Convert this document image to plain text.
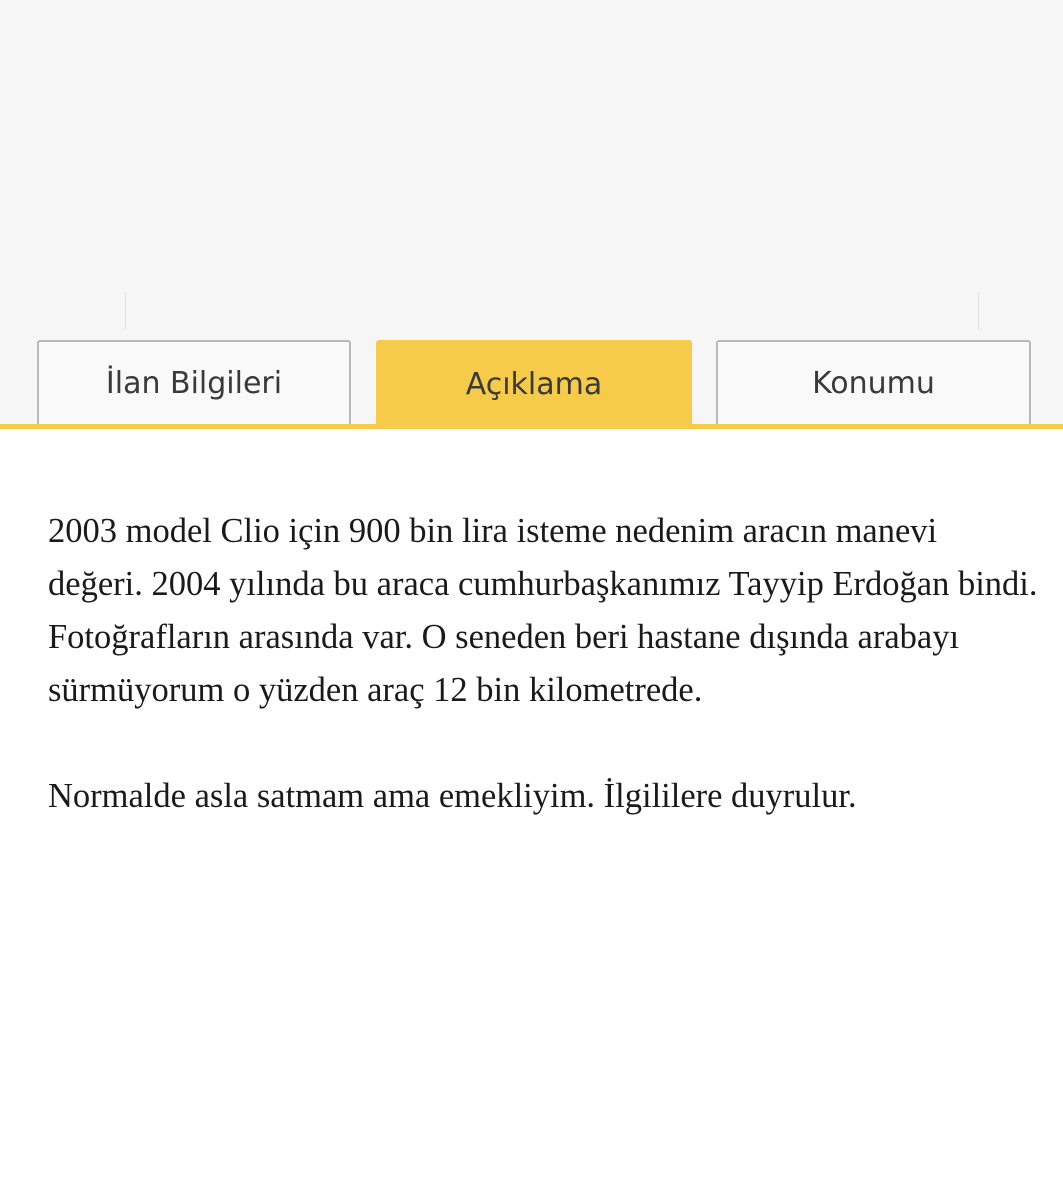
İlan Bilgileri	Açıklama	Konumu

2003 model Clio için 900 bin lira isteme nedenim aracın manevi değeri. 2004 yılında bu araca cumhurbaşkanımız Tayyip Erdoğan bindi. Fotoğrafların arasında var. O seneden beri hastane dışında arabayı sürmüyorum o yüzden araç 12 bin kilometrede.

Normalde asla satmam ama emekliyim. İlgililere duyrulur.
